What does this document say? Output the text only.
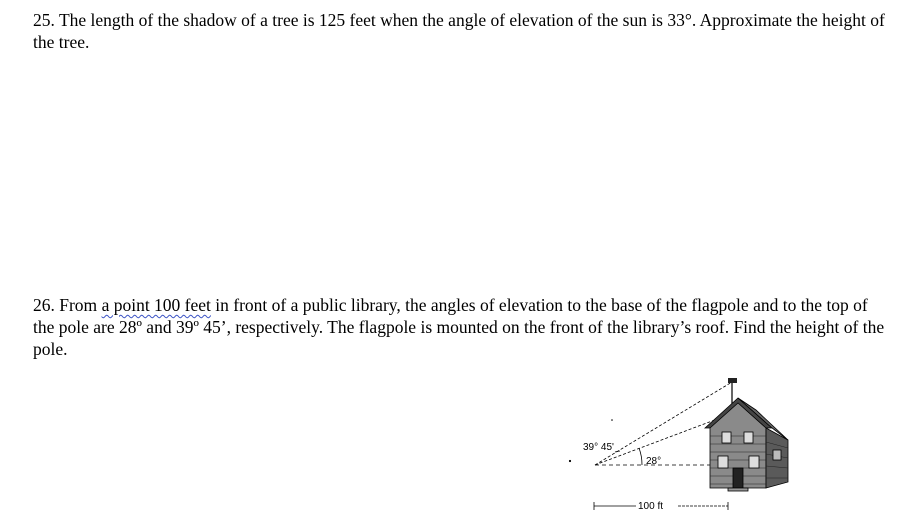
25. The length of the shadow of a tree is 125 feet when the angle of elevation of the sun is 33°. Approximate the height of the tree.
26. From a point 100 feet in front of a public library, the angles of elevation to the base of the flagpole and to the top of the pole are 28º and 39º 45’, respectively. The flagpole is mounted on the front of the library’s roof. Find the height of the pole.
39° 45'
28°
100 ft
